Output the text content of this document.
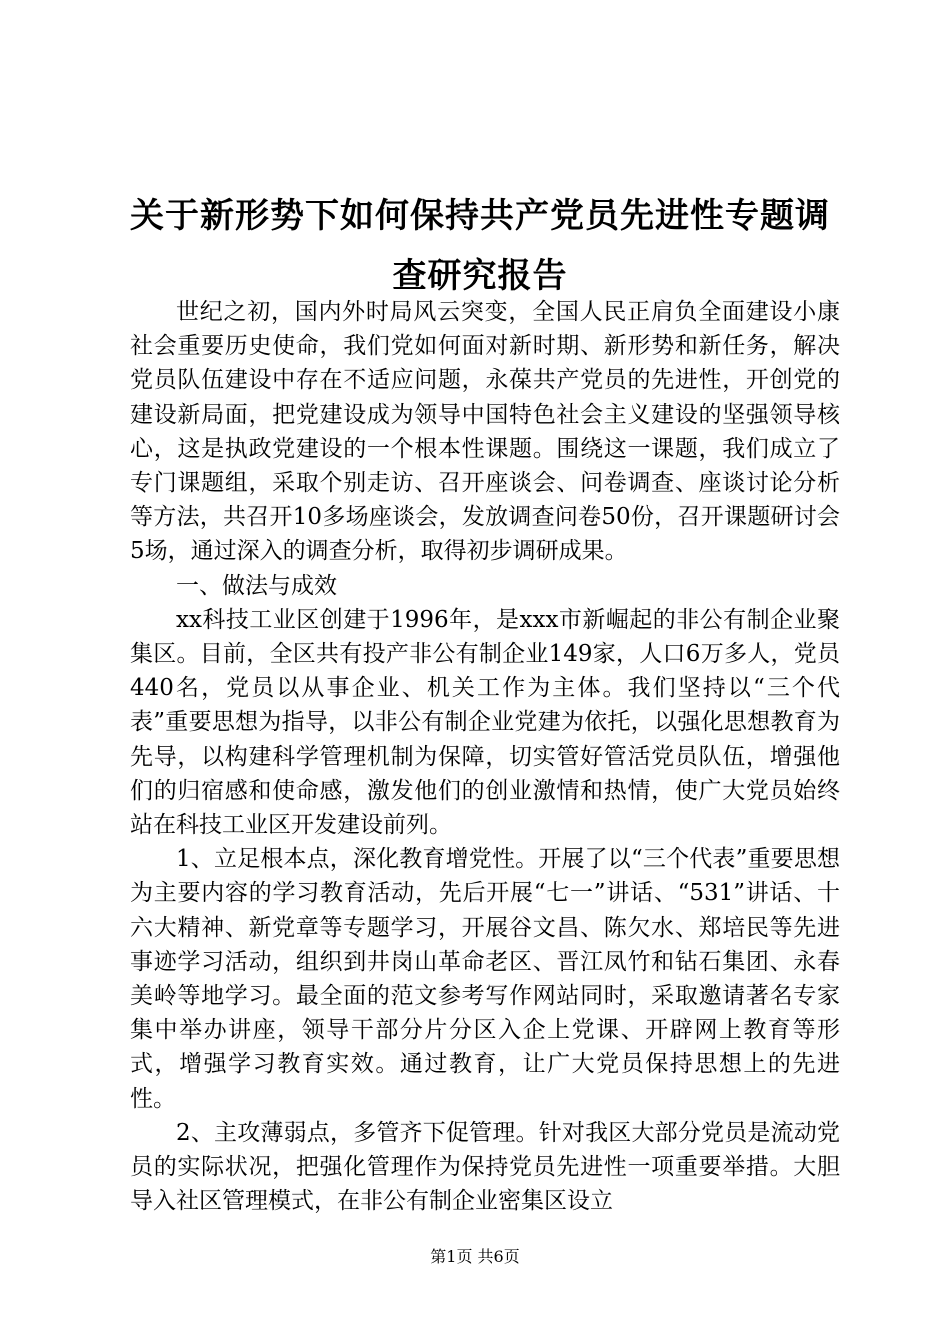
关于新形势下如何保持共产党员先进性专题调
查研究报告

世纪之初，国内外时局风云突变，全国人民正肩负全面建设小康社会重要历史使命，我们党如何面对新时期、新形势和新任务，解决党员队伍建设中存在不适应问题，永葆共产党员的先进性，开创党的建设新局面，把党建设成为领导中国特色社会主义建设的坚强领导核心，这是执政党建设的一个根本性课题。围绕这一课题，我们成立了专门课题组，采取个别走访、召开座谈会、问卷调查、座谈讨论分析等方法，共召开10多场座谈会，发放调查问卷50份，召开课题研讨会5场，通过深入的调查分析，取得初步调研成果。

一、做法与成效

xx科技工业区创建于1996年，是xxx市新崛起的非公有制企业聚集区。目前，全区共有投产非公有制企业149家，人口6万多人，党员440名，党员以从事企业、机关工作为主体。我们坚持以“三个代表”重要思想为指导，以非公有制企业党建为依托，以强化思想教育为先导，以构建科学管理机制为保障，切实管好管活党员队伍，增强他们的归宿感和使命感，激发他们的创业激情和热情，使广大党员始终站在科技工业区开发建设前列。

1、立足根本点，深化教育增党性。开展了以“三个代表”重要思想为主要内容的学习教育活动，先后开展“七一”讲话、“531”讲话、十六大精神、新党章等专题学习，开展谷文昌、陈欠水、郑培民等先进事迹学习活动，组织到井岗山革命老区、晋江凤竹和钻石集团、永春美岭等地学习。最全面的范文参考写作网站同时，采取邀请著名专家集中举办讲座，领导干部分片分区入企上党课、开辟网上教育等形式，增强学习教育实效。通过教育，让广大党员保持思想上的先进性。

2、主攻薄弱点，多管齐下促管理。针对我区大部分党员是流动党员的实际状况，把强化管理作为保持党员先进性一项重要举措。大胆导入社区管理模式，在非公有制企业密集区设立

第1页 共6页
